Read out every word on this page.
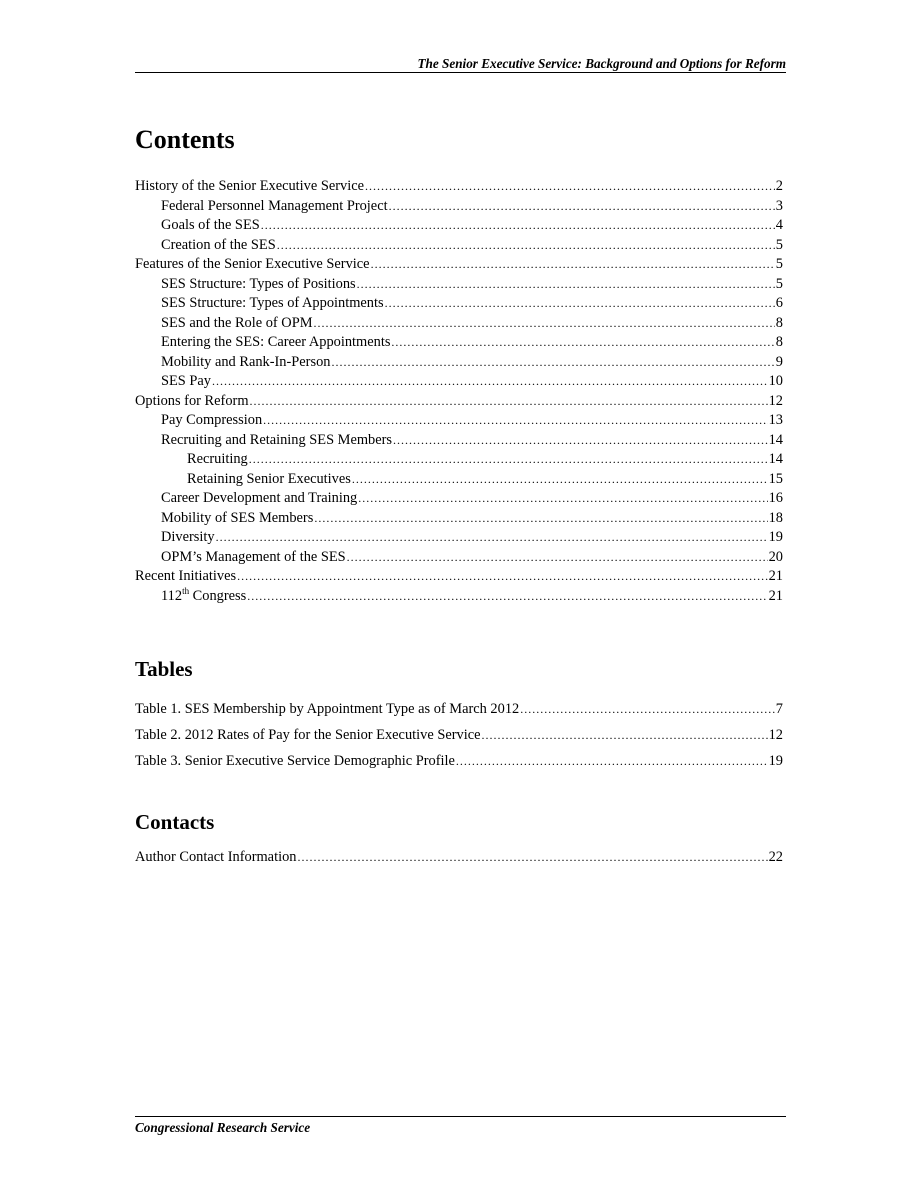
The Senior Executive Service: Background and Options for Reform
Contents
History of the Senior Executive Service .....	2
Federal Personnel Management Project .....	3
Goals of the SES .....	4
Creation of the SES .....	5
Features of the Senior Executive Service .....	5
SES Structure: Types of Positions .....	5
SES Structure: Types of Appointments .....	6
SES and the Role of OPM .....	8
Entering the SES: Career Appointments .....	8
Mobility and Rank-In-Person .....	9
SES Pay .....	10
Options for Reform .....	12
Pay Compression .....	13
Recruiting and Retaining SES Members .....	14
Recruiting .....	14
Retaining Senior Executives .....	15
Career Development and Training .....	16
Mobility of SES Members .....	18
Diversity .....	19
OPM’s Management of the SES .....	20
Recent Initiatives .....	21
112th Congress .....	21
Tables
Table 1. SES Membership by Appointment Type as of March 2012 .....	7
Table 2. 2012 Rates of Pay for the Senior Executive Service .....	12
Table 3. Senior Executive Service Demographic Profile .....	19
Contacts
Author Contact Information .....	22
Congressional Research Service
